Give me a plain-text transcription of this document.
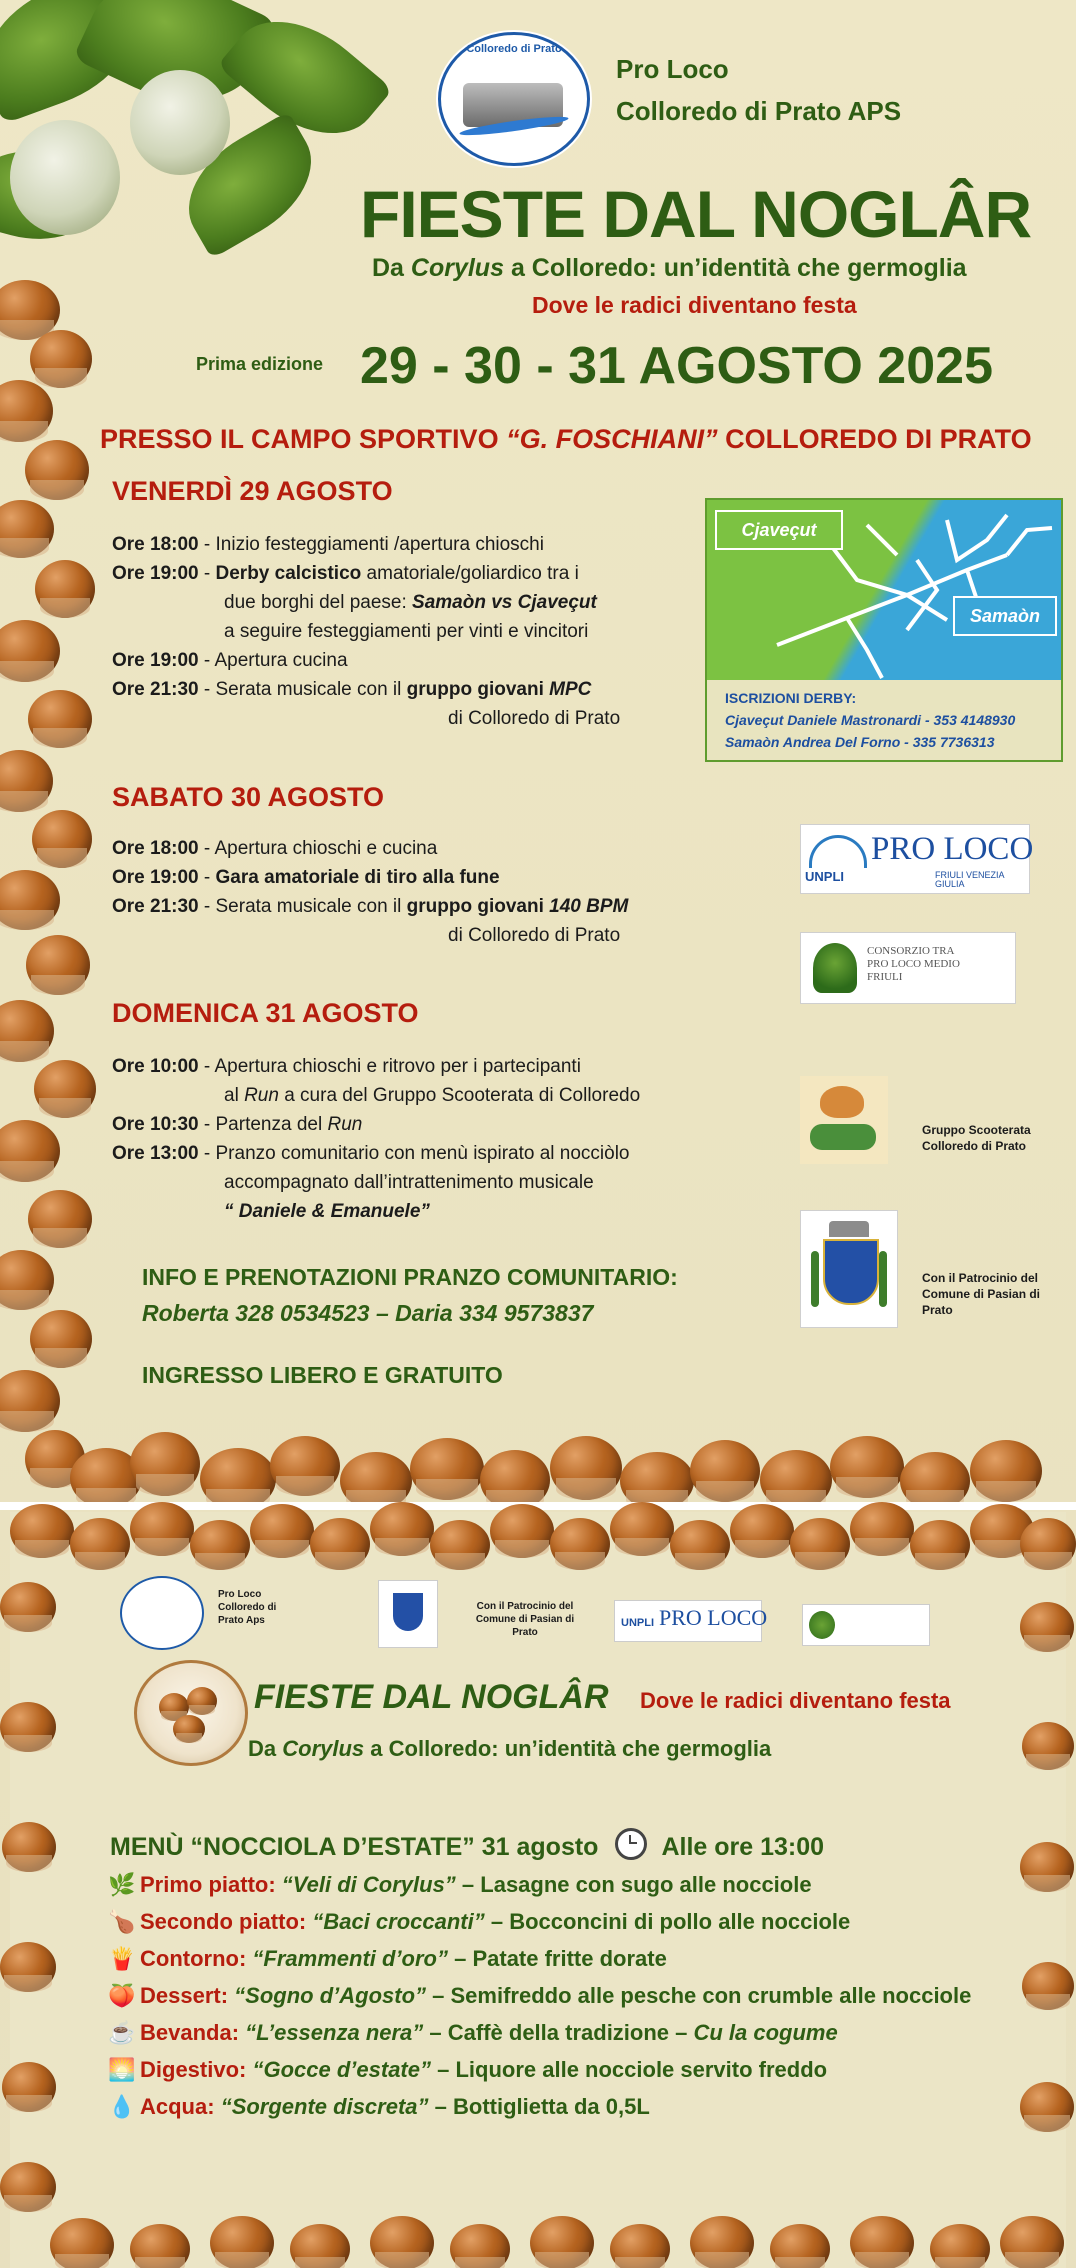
Colloredo di Prato
Pro Loco
Colloredo di Prato APS
FIESTE DAL NOGLÂR
Da Corylus a Colloredo: un’identità che germoglia
Dove le radici diventano festa
Prima edizione 29 - 30 - 31 AGOSTO 2025
PRESSO IL CAMPO SPORTIVO “G. FOSCHIANI” COLLOREDO DI PRATO
VENERDÌ 29 AGOSTO
Ore 18:00 - Inizio festeggiamenti /apertura chioschi
Ore 19:00 - Derby calcistico amatoriale/goliardico tra i
due borghi del paese: Samaòn vs Cjaveçut
a seguire festeggiamenti per vinti e vincitori
Ore 19:00 - Apertura cucina
Ore 21:30 - Serata musicale con il gruppo giovani MPC
di Colloredo di Prato
Cjaveçut
Samaòn
ISCRIZIONI DERBY:
Cjaveçut Daniele Mastronardi - 353 4148930
Samaòn Andrea Del Forno - 335 7736313
SABATO 30 AGOSTO
Ore 18:00 - Apertura chioschi e cucina
Ore 19:00 - Gara amatoriale di tiro alla fune
Ore 21:30 - Serata musicale con il gruppo giovani 140 BPM
di Colloredo di Prato
UNPLI
PRO LOCO
FRIULI VENEZIA GIULIA
CONSORZIO TRA PRO LOCO MEDIO FRIULI
DOMENICA 31 AGOSTO
Ore 10:00 - Apertura chioschi e ritrovo per i partecipanti
al Run a cura del Gruppo Scooterata di Colloredo
Ore 10:30 - Partenza del Run
Ore 13:00 - Pranzo comunitario con menù ispirato al nocciòlo
accompagnato dall’intrattenimento musicale
“ Daniele & Emanuele”
Gruppo Scooterata Colloredo di Prato
Con il Patrocinio del Comune di Pasian di Prato
INFO E PRENOTAZIONI PRANZO COMUNITARIO:
Roberta 328 0534523 – Daria 334 9573837
INGRESSO LIBERO E GRATUITO
Pro Loco Colloredo di Prato Aps
Con il Patrocinio del Comune di Pasian di Prato
UNPLI PRO LOCO
FIESTE DAL NOGLÂR Dove le radici diventano festa
Da Corylus a Colloredo: un’identità che germoglia
MENÙ “NOCCIOLA D’ESTATE” 31 agosto	Alle ore 13:00
🌿 Primo piatto: “Veli di Corylus” – Lasagne con sugo alle nocciole
🍗 Secondo piatto: “Baci croccanti” – Bocconcini di pollo alle nocciole
🍟 Contorno: “Frammenti d’oro” – Patate fritte dorate
🍑 Dessert: “Sogno d’Agosto” – Semifreddo alle pesche con crumble alle nocciole
☕ Bevanda: “L’essenza nera” – Caffè della tradizione – Cu la cogume
🌅 Digestivo: “Gocce d’estate” – Liquore alle nocciole servito freddo
💧 Acqua: “Sorgente discreta” – Bottiglietta da 0,5L
